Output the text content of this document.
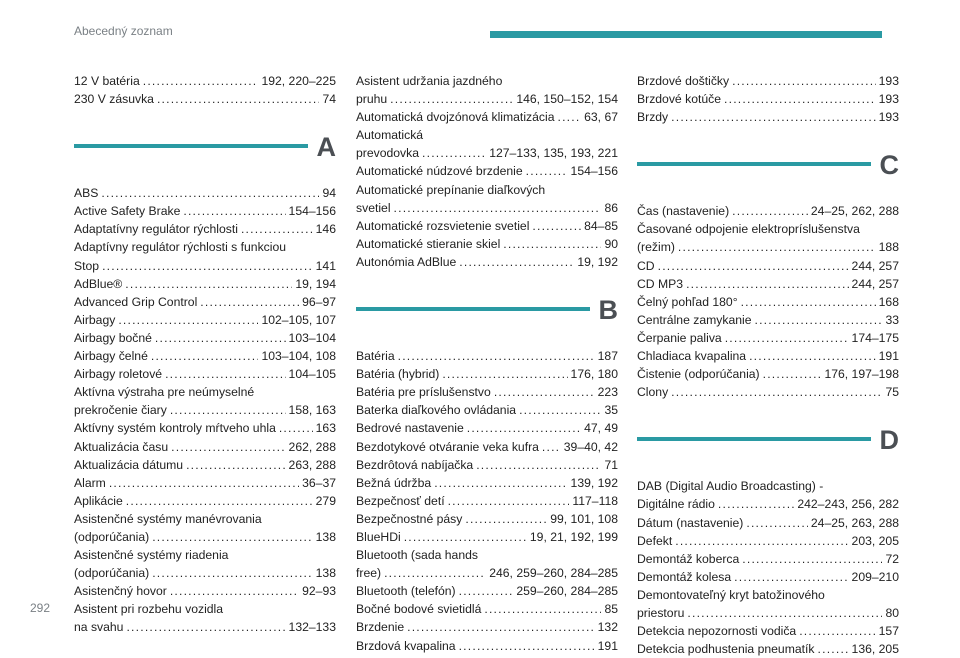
Abecedný zoznam
292
12 V batéria .....	192, 220–225
230 V zásuvka .....	74
A
ABS .....	94
Active Safety Brake .....	154–156
Adaptatívny regulátor rýchlosti .....	146
Adaptívny regulátor rýchlosti s funkciou
Stop .....	141
AdBlue® .....	19, 194
Advanced Grip Control .....	96–97
Airbagy .....	102–105, 107
Airbagy bočné .....	103–104
Airbagy čelné .....	103–104, 108
Airbagy roletové .....	104–105
Aktívna výstraha pre neúmyselné
prekročenie čiary .....	158, 163
Aktívny systém kontroly mŕtveho uhla .....	163
Aktualizácia času .....	262, 288
Aktualizácia dátumu .....	263, 288
Alarm .....	36–37
Aplikácie .....	279
Asistenčné systémy manévrovania
(odporúčania) .....	138
Asistenčné systémy riadenia
(odporúčania) .....	138
Asistenčný hovor .....	92–93
Asistent pri rozbehu vozidla
na svahu .....	132–133
Asistent udržania jazdného
pruhu .....	146, 150–152, 154
Automatická dvojzónová klimatizácia ..... 63, 67
Automatická
prevodovka .....	127–133, 135, 193, 221
Automatické núdzové brzdenie .....	154–156
Automatické prepínanie diaľkových
svetiel .....	86
Automatické rozsvietenie svetiel .....	84–85
Automatické stieranie skiel .....	90
Autonómia AdBlue .....	19, 192
B
Batéria .....	187
Batéria (hybrid) .....	176, 180
Batéria pre príslušenstvo .....	223
Baterka diaľkového ovládania .....	35
Bedrové nastavenie .....	47, 49
Bezdotykové otváranie veka kufra ..... 39–40, 42
Bezdrôtová nabíjačka .....	71
Bežná údržba .....	139, 192
Bezpečnosť detí .....	117–118
Bezpečnostné pásy .....	99, 101, 108
BlueHDi .....	19, 21, 192, 199
Bluetooth (sada hands
free) .....	246, 259–260, 284–285
Bluetooth (telefón) .....	259–260, 284–285
Bočné bodové svietidlá .....	85
Brzdenie .....	132
Brzdová kvapalina .....	191
Brzdové doštičky .....	193
Brzdové kotúče .....	193
Brzdy .....	193
C
Čas (nastavenie) .....	24–25, 262, 288
Časované odpojenie elektropríslušenstva
(režim) .....	188
CD .....	244, 257
CD MP3 .....	244, 257
Čelný pohľad 180° .....	168
Centrálne zamykanie .....	33
Čerpanie paliva .....	174–175
Chladiaca kvapalina .....	191
Čistenie (odporúčania) .....	176, 197–198
Clony .....	75
D
DAB (Digital Audio Broadcasting) -
Digitálne rádio .....	242–243, 256, 282
Dátum (nastavenie) .....	24–25, 263, 288
Defekt .....	203, 205
Demontáž koberca .....	72
Demontáž kolesa .....	209–210
Demontovateľný kryt batožinového
priestoru .....	80
Detekcia nepozornosti vodiča .....	157
Detekcia podhustenia pneumatík .....	136, 205
